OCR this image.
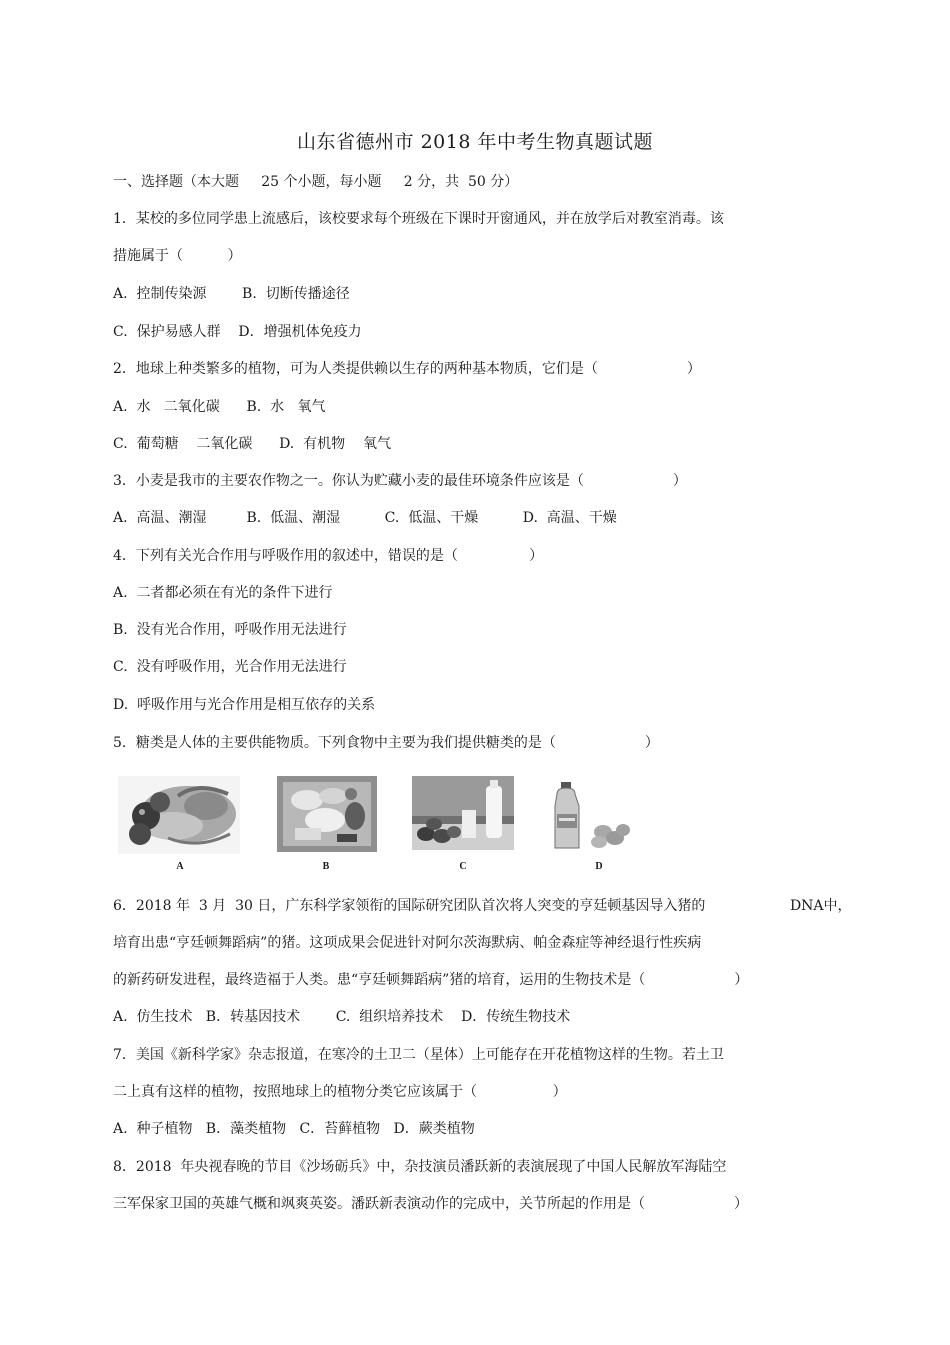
山东省德州市 2018 年中考生物真题试题
一、选择题（本大题     25 个小题，每小题     2 分，共  50 分）
1．某校的多位同学患上流感后，该校要求每个班级在下课时开窗通风，并在放学后对教室消毒。该
措施属于（          ）
A.  控制传染源        B.  切断传播途径
C.  保护易感人群    D．增强机体免疫力
2．地球上种类繁多的植物，可为人类提供赖以生存的两种基本物质，它们是（                    ）
A.  水   二氧化碳      B.  水   氧气
C.  葡萄糖    二氧化碳      D.  有机物    氧气
3．小麦是我市的主要农作物之一。你认为贮藏小麦的最佳环境条件应该是（                    ）
A.  高温、潮湿         B.  低温、潮湿          C.  低温、干燥          D.  高温、干燥
4．下列有关光合作用与呼吸作用的叙述中，错误的是（                ）
A.  二者都必须在有光的条件下进行
B.  没有光合作用，呼吸作用无法进行
C.  没有呼吸作用，光合作用无法进行
D.  呼吸作用与光合作用是相互依存的关系
5．糖类是人体的主要供能物质。下列食物中主要为我们提供糖类的是（                    ）
A	B	C	D
6．2018 年  3 月  30 日，广东科学家领衔的国际研究团队首次将人突变的亨廷顿基因导入猪的                   DNA中，
培育出患“亨廷顿舞蹈病”的猪。这项成果会促进针对阿尔茨海默病、帕金森症等神经退行性疾病
的新药研发进程，最终造福于人类。患“亨廷顿舞蹈病”猪的培育，运用的生物技术是（                    ）
A.  仿生技术   B．转基因技术        C.  组织培养技术    D．传统生物技术
7．美国《新科学家》杂志报道，在寒冷的土卫二（星体）上可能存在开花植物这样的生物。若土卫
二上真有这样的植物，按照地球上的植物分类它应该属于（                 ）
A.  种子植物   B．藻类植物   C．苔藓植物   D．蕨类植物
8．2018  年央视春晚的节目《沙场砺兵》中，杂技演员潘跃新的表演展现了中国人民解放军海陆空
三军保家卫国的英雄气概和飒爽英姿。潘跃新表演动作的完成中，关节所起的作用是（                    ）
